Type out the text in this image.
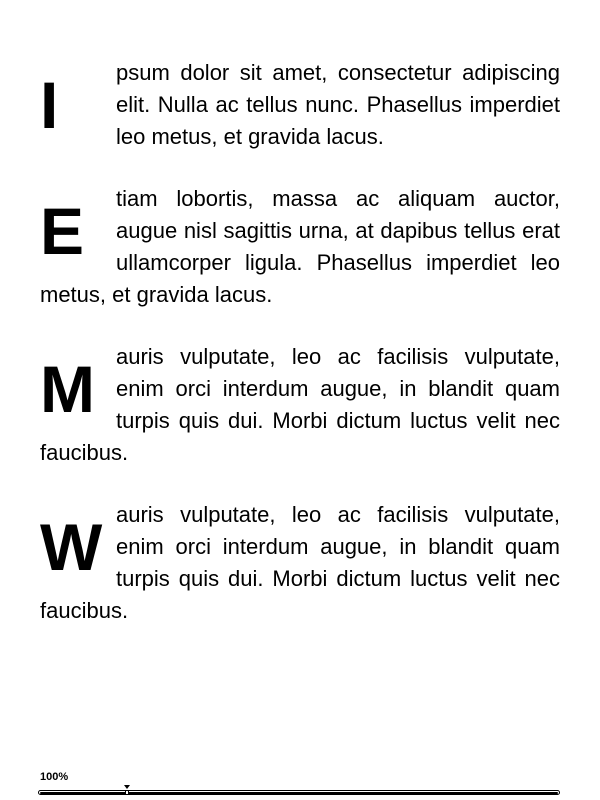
I	psum dolor sit amet, consectetur adipiscing elit. Nulla ac tellus nunc. Phasellus imperdiet leo metus, et gravida lacus.

E	tiam lobortis, massa ac aliquam auctor, augue nisl sagittis urna, at dapibus tellus erat ullamcorper ligula. Phasellus imperdiet leo metus, et gravida lacus.

M auris vulputate, leo ac facilisis vulputate, enim orci interdum augue, in blandit quam turpis quis dui. Morbi dictum luctus velit nec faucibus.

W auris vulputate, leo ac facilisis vulputate, enim orci interdum augue, in blandit quam turpis quis dui. Morbi dictum luctus velit nec faucibus.

100%
